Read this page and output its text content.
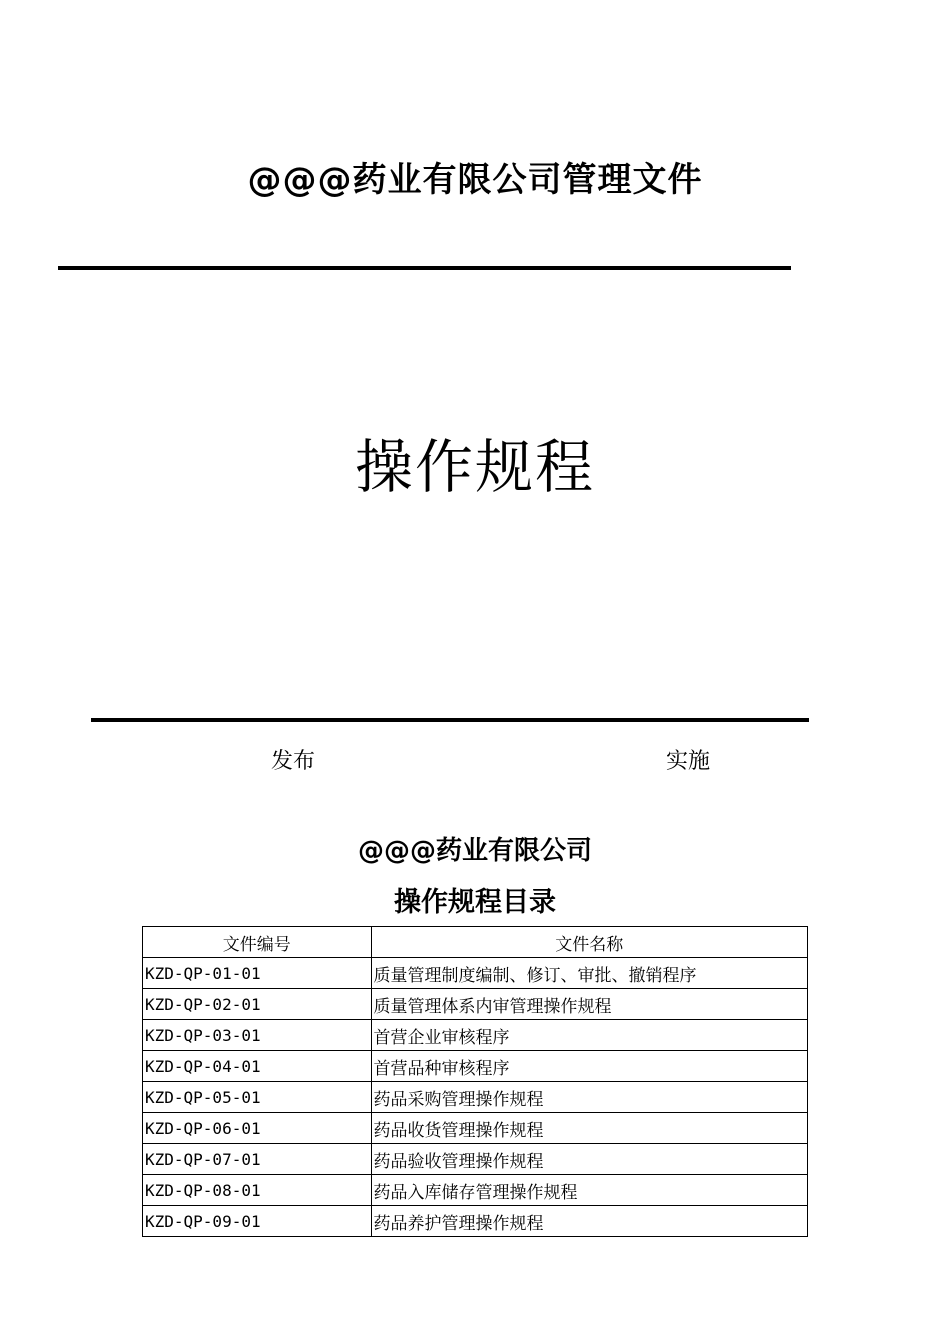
@@@药业有限公司管理文件
操作规程
发布	实施
@@@药业有限公司
操作规程目录
文件编号	文件名称
KZD-QP-01-01	质量管理制度编制、修订、审批、撤销程序
KZD-QP-02-01	质量管理体系内审管理操作规程
KZD-QP-03-01	首营企业审核程序
KZD-QP-04-01	首营品种审核程序
KZD-QP-05-01	药品采购管理操作规程
KZD-QP-06-01	药品收货管理操作规程
KZD-QP-07-01	药品验收管理操作规程
KZD-QP-08-01	药品入库储存管理操作规程
KZD-QP-09-01	药品养护管理操作规程
